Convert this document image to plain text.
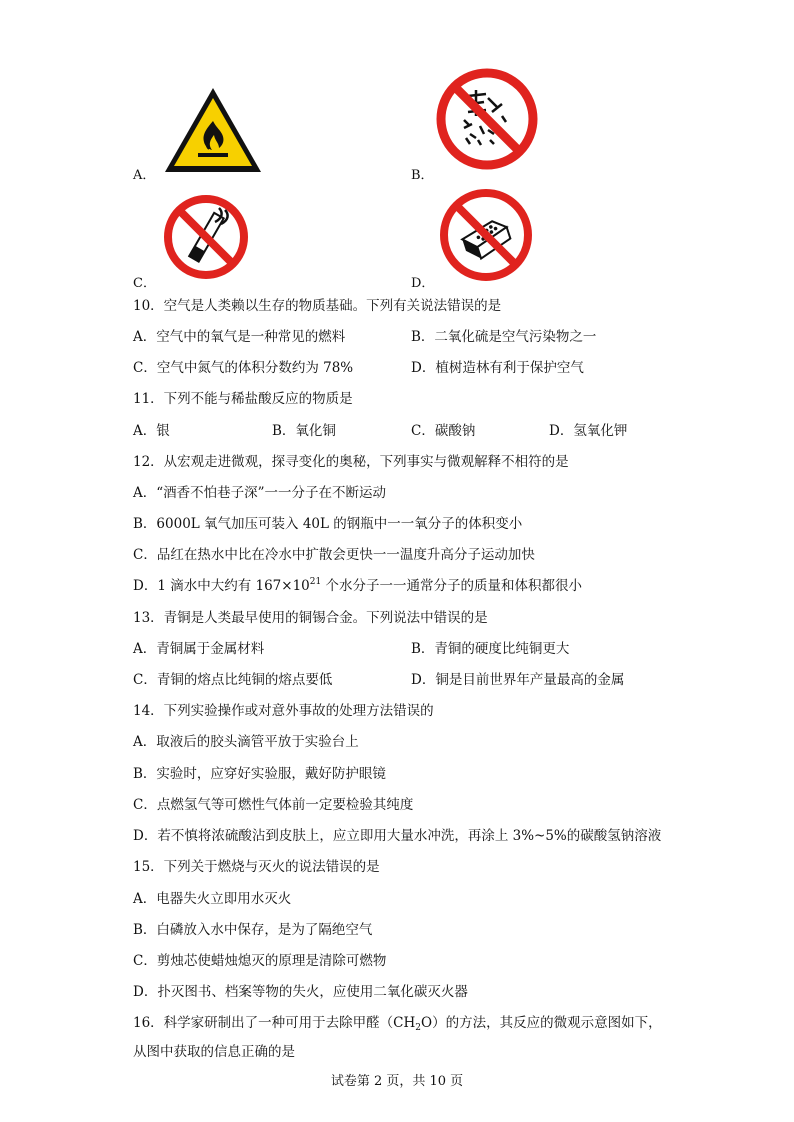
A．	B．
C．	D．
10．空气是人类赖以生存的物质基础。下列有关说法错误的是
A．空气中的氧气是一种常见的燃料	B．二氧化硫是空气污染物之一
C．空气中氮气的体积分数约为 78%	D．植树造林有利于保护空气
11．下列不能与稀盐酸反应的物质是
A．银	B．氧化铜	C．碳酸钠	D．氢氧化钾
12．从宏观走进微观，探寻变化的奥秘，下列事实与微观解释不相符的是
A．“酒香不怕巷子深”一一分子在不断运动
B．6000L 氧气加压可装入 40L 的钢瓶中一一氧分子的体积变小
C．品红在热水中比在冷水中扩散会更快一一温度升高分子运动加快
D．1 滴水中大约有 $167\times 10^{21}$ 个水分子一一通常分子的质量和体积都很小
13．青铜是人类最早使用的铜锡合金。下列说法中错误的是
A．青铜属于金属材料	B．青铜的硬度比纯铜更大
C．青铜的熔点比纯铜的熔点要低	D．铜是目前世界年产量最高的金属
14．下列实验操作或对意外事故的处理方法错误的
A．取液后的胶头滴管平放于实验台上
B．实验时，应穿好实验服，戴好防护眼镜
C．点燃氢气等可燃性气体前一定要检验其纯度
D．若不慎将浓硫酸沾到皮肤上，应立即用大量水冲洗，再涂上 3%~5%的碳酸氢钠溶液
15．下列关于燃烧与灭火的说法错误的是
A．电器失火立即用水灭火
B．白磷放入水中保存，是为了隔绝空气
C．剪烛芯使蜡烛熄灭的原理是清除可燃物
D．扑灭图书、档案等物的失火，应使用二氧化碳灭火器
16．科学家研制出了一种可用于去除甲醛$(CH_2O)$的方法，其反应的微观示意图如下，
从图中获取的信息正确的是
试卷第 2 页，共 10 页
